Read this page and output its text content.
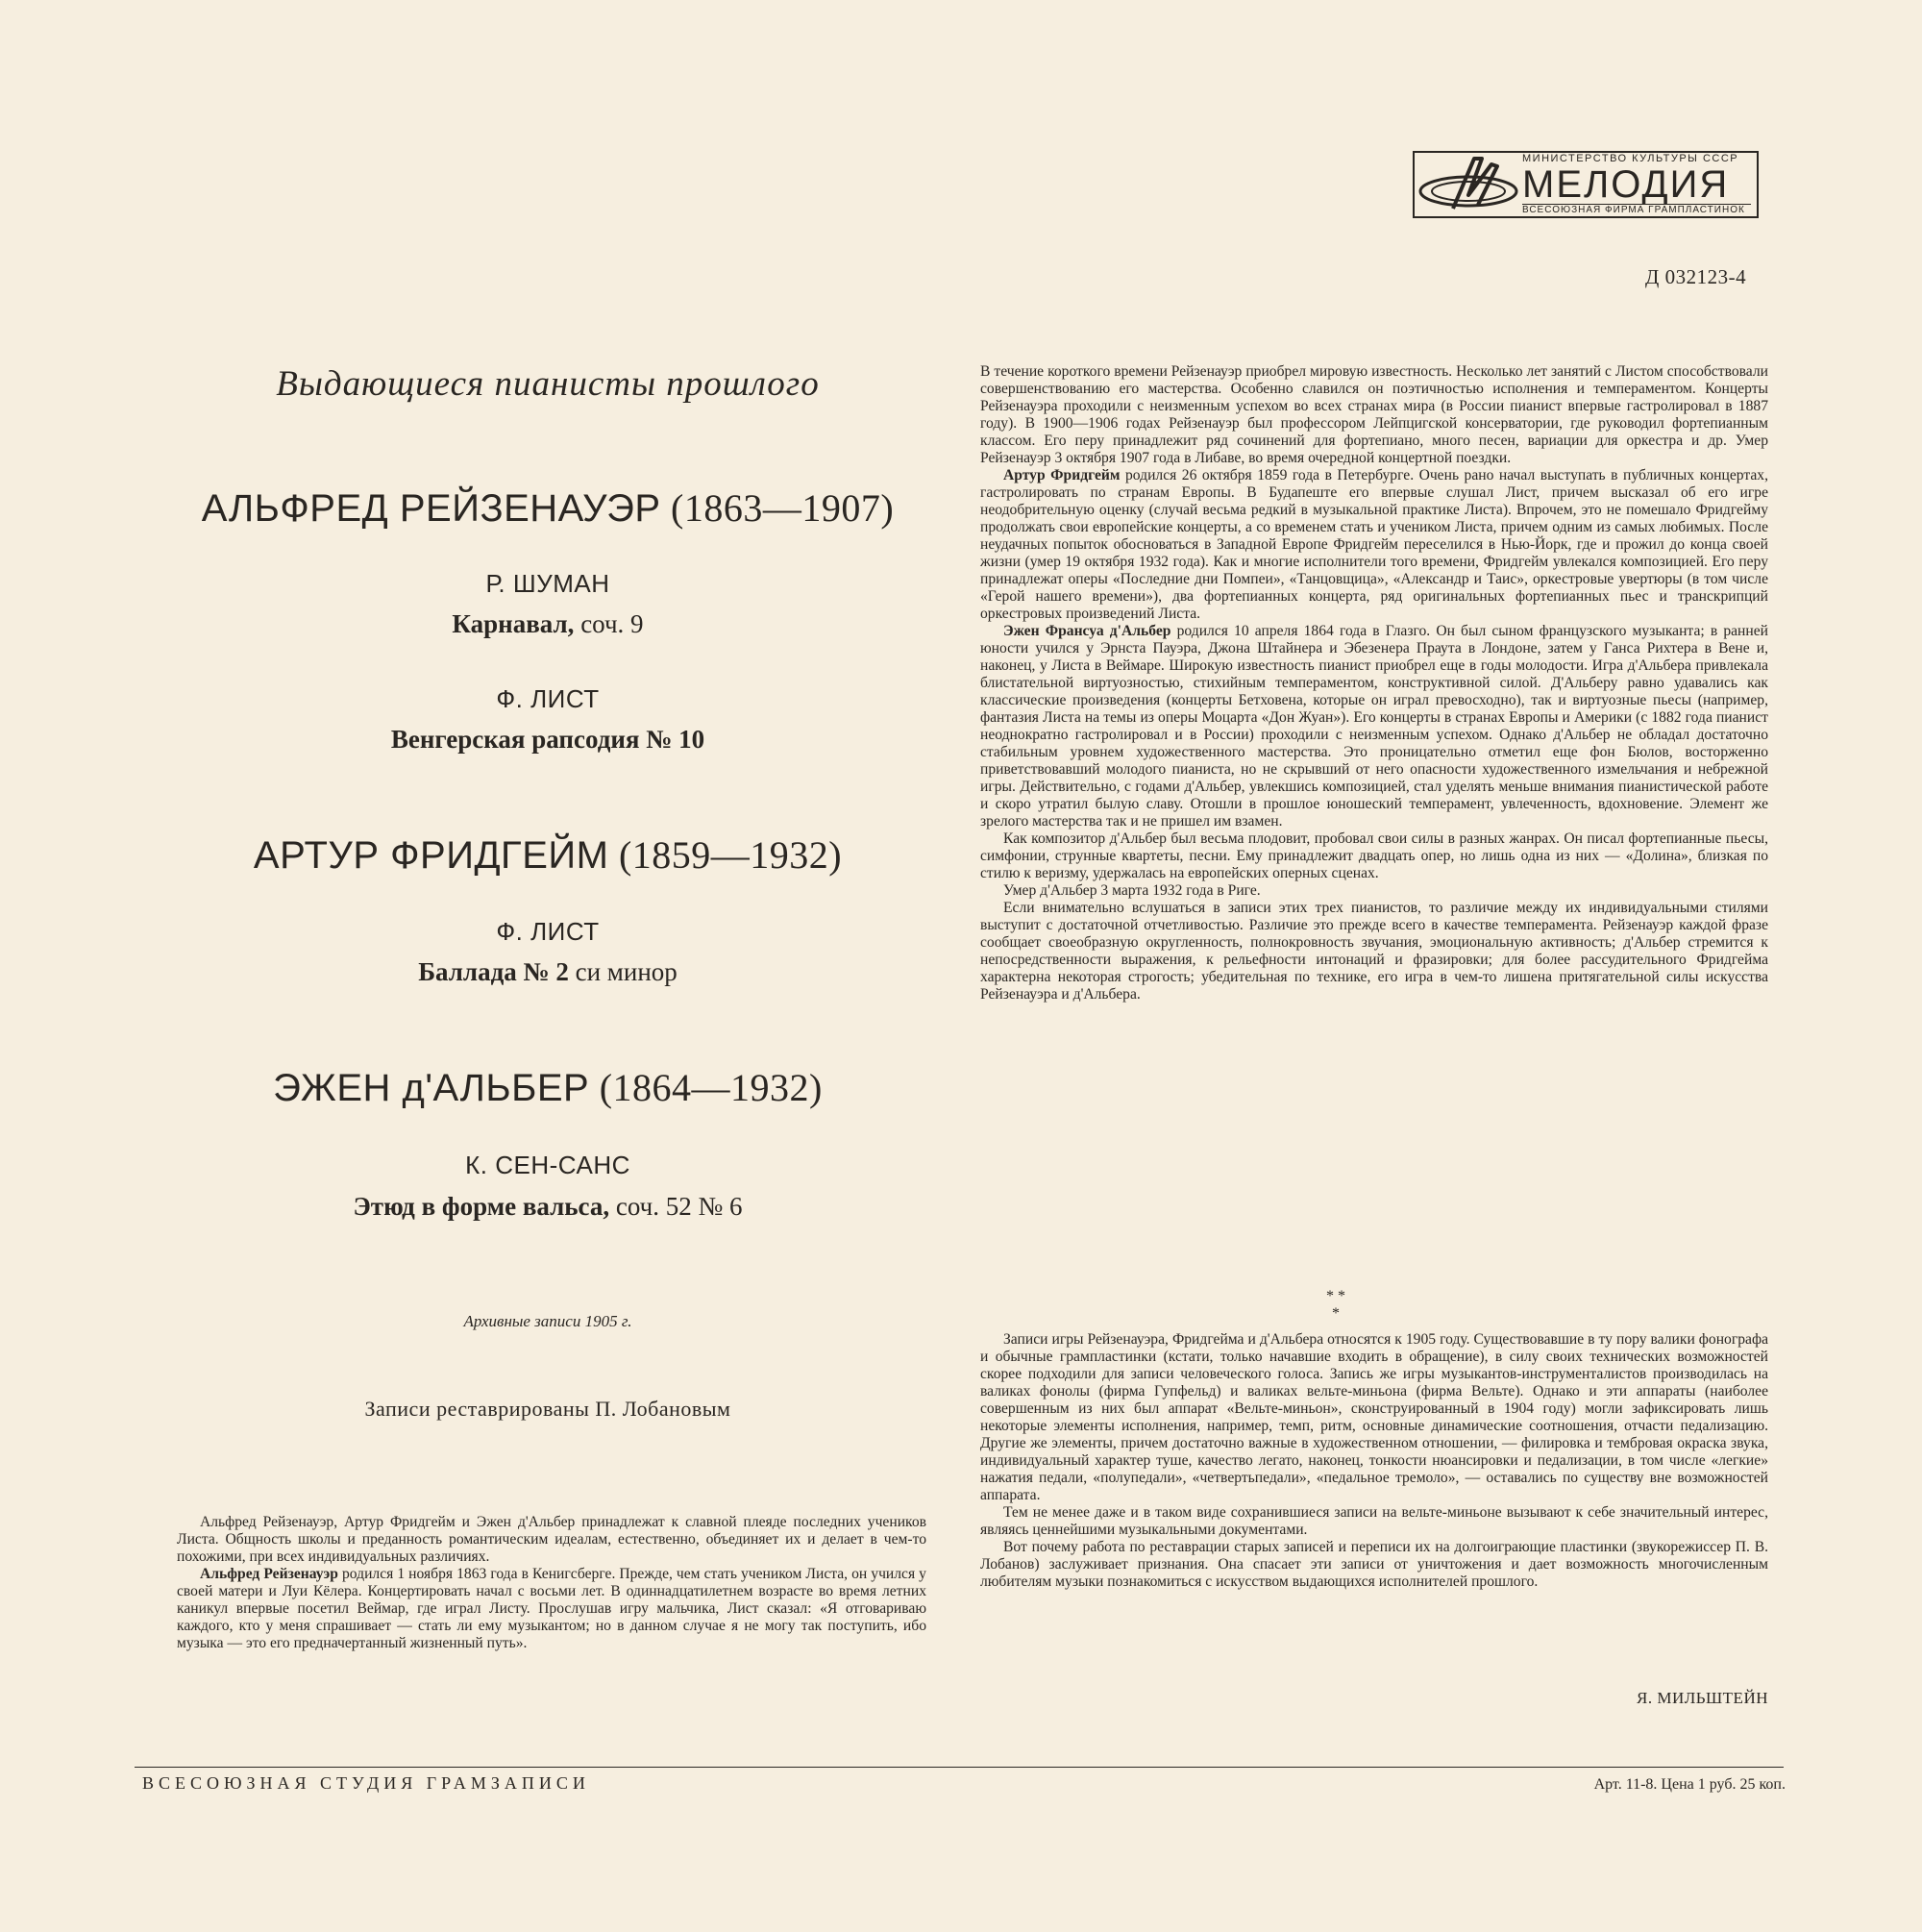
МИНИСТЕРСТВО КУЛЬТУРЫ СССР
МЕЛОДИЯ
ВСЕСОЮЗНАЯ ФИРМА ГРАМПЛАСТИНОК
Д 032123-4
Выдающиеся пианисты прошлого
АЛЬФРЕД РЕЙЗЕНАУЭР (1863—1907)
Р. ШУМАН
Карнавал, соч. 9
Ф. ЛИСТ
Венгерская рапсодия № 10
АРТУР ФРИДГЕЙМ (1859—1932)
Ф. ЛИСТ
Баллада № 2 си минор
ЭЖЕН д'АЛЬБЕР (1864—1932)
К. СЕН-САНС
Этюд в форме вальса, соч. 52 № 6
Архивные записи 1905 г.
Записи реставрированы П. Лобановым

Альфред Рейзенауэр, Артур Фридгейм и Эжен д'Альбер принадлежат к славной плеяде последних учеников Листа. Общность школы и преданность романтическим идеалам, естественно, объединяет их и делает в чем-то похожими, при всех индивидуальных различиях.

Альфред Рейзенауэр родился 1 ноября 1863 года в Кенигсберге. Прежде, чем стать учеником Листа, он учился у своей матери и Луи Кёлера. Концертировать начал с восьми лет. В одиннадцатилетнем возрасте во время летних каникул впервые посетил Веймар, где играл Листу. Прослушав игру мальчика, Лист сказал: «Я отговариваю каждого, кто у меня спрашивает — стать ли ему музыкантом; но в данном случае я не могу так поступить, ибо музыка — это его предначертанный жизненный путь».

В течение короткого времени Рейзенауэр приобрел мировую известность. Несколько лет занятий с Листом способствовали совершенствованию его мастерства. Особенно славился он поэтичностью исполнения и темпераментом. Концерты Рейзенауэра проходили с неизменным успехом во всех странах мира (в России пианист впервые гастролировал в 1887 году). В 1900—1906 годах Рейзенауэр был профессором Лейпцигской консерватории, где руководил фортепианным классом. Его перу принадлежит ряд сочинений для фортепиано, много песен, вариации для оркестра и др. Умер Рейзенауэр 3 октября 1907 года в Либаве, во время очередной концертной поездки.

Артур Фридгейм родился 26 октября 1859 года в Петербурге. Очень рано начал выступать в публичных концертах, гастролировать по странам Европы. В Будапеште его впервые слушал Лист, причем высказал об его игре неодобрительную оценку (случай весьма редкий в музыкальной практике Листа). Впрочем, это не помешало Фридгейму продолжать свои европейские концерты, а со временем стать и учеником Листа, причем одним из самых любимых. После неудачных попыток обосноваться в Западной Европе Фридгейм переселился в Нью-Йорк, где и прожил до конца своей жизни (умер 19 октября 1932 года). Как и многие исполнители того времени, Фридгейм увлекался композицией. Его перу принадлежат оперы «Последние дни Помпеи», «Танцовщица», «Александр и Таис», оркестровые увертюры (в том числе «Герой нашего времени»), два фортепианных концерта, ряд оригинальных фортепианных пьес и транскрипций оркестровых произведений Листа.

Эжен Франсуа д'Альбер родился 10 апреля 1864 года в Глазго. Он был сыном французского музыканта; в ранней юности учился у Эрнста Пауэра, Джона Штайнера и Эбезенера Праута в Лондоне, затем у Ганса Рихтера в Вене и, наконец, у Листа в Веймаре. Широкую известность пианист приобрел еще в годы молодости. Игра д'Альбера привлекала блистательной виртуозностью, стихийным темпераментом, конструктивной силой. Д'Альберу равно удавались как классические произведения (концерты Бетховена, которые он играл превосходно), так и виртуозные пьесы (например, фантазия Листа на темы из оперы Моцарта «Дон Жуан»). Его концерты в странах Европы и Америки (с 1882 года пианист неоднократно гастролировал и в России) проходили с неизменным успехом. Однако д'Альбер не обладал достаточно стабильным уровнем художественного мастерства. Это проницательно отметил еще фон Бюлов, восторженно приветствовавший молодого пианиста, но не скрывший от него опасности художественного измельчания и небрежной игры. Действительно, с годами д'Альбер, увлекшись композицией, стал уделять меньше внимания пианистической работе и скоро утратил былую славу. Отошли в прошлое юношеский темперамент, увлеченность, вдохновение. Элемент же зрелого мастерства так и не пришел им взамен.

Как композитор д'Альбер был весьма плодовит, пробовал свои силы в разных жанрах. Он писал фортепианные пьесы, симфонии, струнные квартеты, песни. Ему принадлежит двадцать опер, но лишь одна из них — «Долина», близкая по стилю к веризму, удержалась на европейских оперных сценах.

Умер д'Альбер 3 марта 1932 года в Риге.

Если внимательно вслушаться в записи этих трех пианистов, то различие между их индивидуальными стилями выступит с достаточной отчетливостью. Различие это прежде всего в качестве темперамента. Рейзенауэр каждой фразе сообщает своеобразную округленность, полнокровность звучания, эмоциональную активность; д'Альбер стремится к непосредственности выражения, к рельефности интонаций и фразировки; для более рассудительного Фридгейма характерна некоторая строгость; убедительная по технике, его игра в чем-то лишена притягательной силы искусства Рейзенауэра и д'Альбера.

* *
*

Записи игры Рейзенауэра, Фридгейма и д'Альбера относятся к 1905 году. Существовавшие в ту пору валики фонографа и обычные грампластинки (кстати, только начавшие входить в обращение), в силу своих технических возможностей скорее подходили для записи человеческого голоса. Запись же игры музыкантов-инструменталистов производилась на валиках фонолы (фирма Гупфельд) и валиках вельте-миньона (фирма Вельте). Однако и эти аппараты (наиболее совершенным из них был аппарат «Вельте-миньон», сконструированный в 1904 году) могли зафиксировать лишь некоторые элементы исполнения, например, темп, ритм, основные динамические соотношения, отчасти педализацию. Другие же элементы, причем достаточно важные в художественном отношении, — филировка и тембровая окраска звука, индивидуальный характер туше, качество легато, наконец, тонкости нюансировки и педализации, в том числе «легкие» нажатия педали, «полупедали», «четвертьпедали», «педальное тремоло», — оставались по существу вне возможностей аппарата.

Тем не менее даже и в таком виде сохранившиеся записи на вельте-миньоне вызывают к себе значительный интерес, являясь ценнейшими музыкальными документами.

Вот почему работа по реставрации старых записей и переписи их на долгоиграющие пластинки (звукорежиссер П. В. Лобанов) заслуживает признания. Она спасает эти записи от уничтожения и дает возможность многочисленным любителям музыки познакомиться с искусством выдающихся исполнителей прошлого.

Я. МИЛЬШТЕЙН
ВСЕСОЮЗНАЯ СТУДИЯ ГРАМЗАПИСИ	Арт. 11-8. Цена 1 руб. 25 коп.
